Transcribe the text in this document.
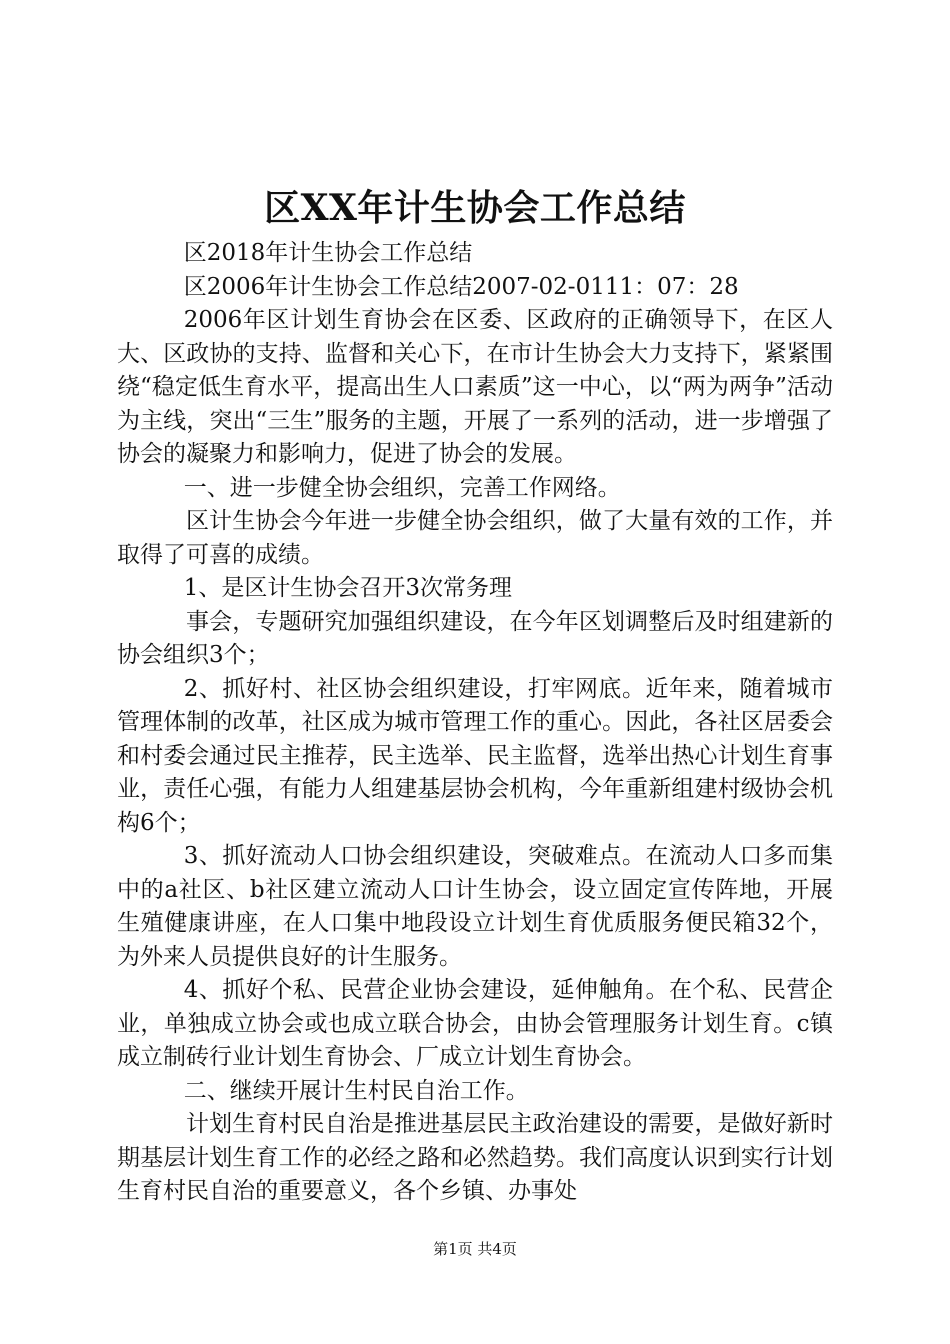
区XX年计生协会工作总结

区2018年计生协会工作总结

区2006年计生协会工作总结2007-02-0111：07：28

2006年区计划生育协会在区委、区政府的正确领导下，在区人大、区政协的支持、监督和关心下，在市计生协会大力支持下，紧紧围绕“稳定低生育水平，提高出生人口素质”这一中心，以“两为两争”活动为主线，突出“三生”服务的主题，开展了一系列的活动，进一步增强了协会的凝聚力和影响力，促进了协会的发展。

一、进一步健全协会组织，完善工作网络。

区计生协会今年进一步健全协会组织，做了大量有效的工作，并取得了可喜的成绩。

1、是区计生协会召开3次常务理

事会，专题研究加强组织建设，在今年区划调整后及时组建新的协会组织3个；

2、抓好村、社区协会组织建设，打牢网底。近年来，随着城市管理体制的改革，社区成为城市管理工作的重心。因此，各社区居委会和村委会通过民主推荐，民主选举、民主监督，选举出热心计划生育事业，责任心强，有能力人组建基层协会机构，今年重新组建村级协会机构6个；

3、抓好流动人口协会组织建设，突破难点。在流动人口多而集中的a社区、b社区建立流动人口计生协会，设立固定宣传阵地，开展生殖健康讲座，在人口集中地段设立计划生育优质服务便民箱32个，为外来人员提供良好的计生服务。

4、抓好个私、民营企业协会建设，延伸触角。在个私、民营企业，单独成立协会或也成立联合协会，由协会管理服务计划生育。c镇成立制砖行业计划生育协会、厂成立计划生育协会。

二、继续开展计生村民自治工作。

计划生育村民自治是推进基层民主政治建设的需要，是做好新时期基层计划生育工作的必经之路和必然趋势。我们高度认识到实行计划生育村民自治的重要意义，各个乡镇、办事处

第1页 共4页
